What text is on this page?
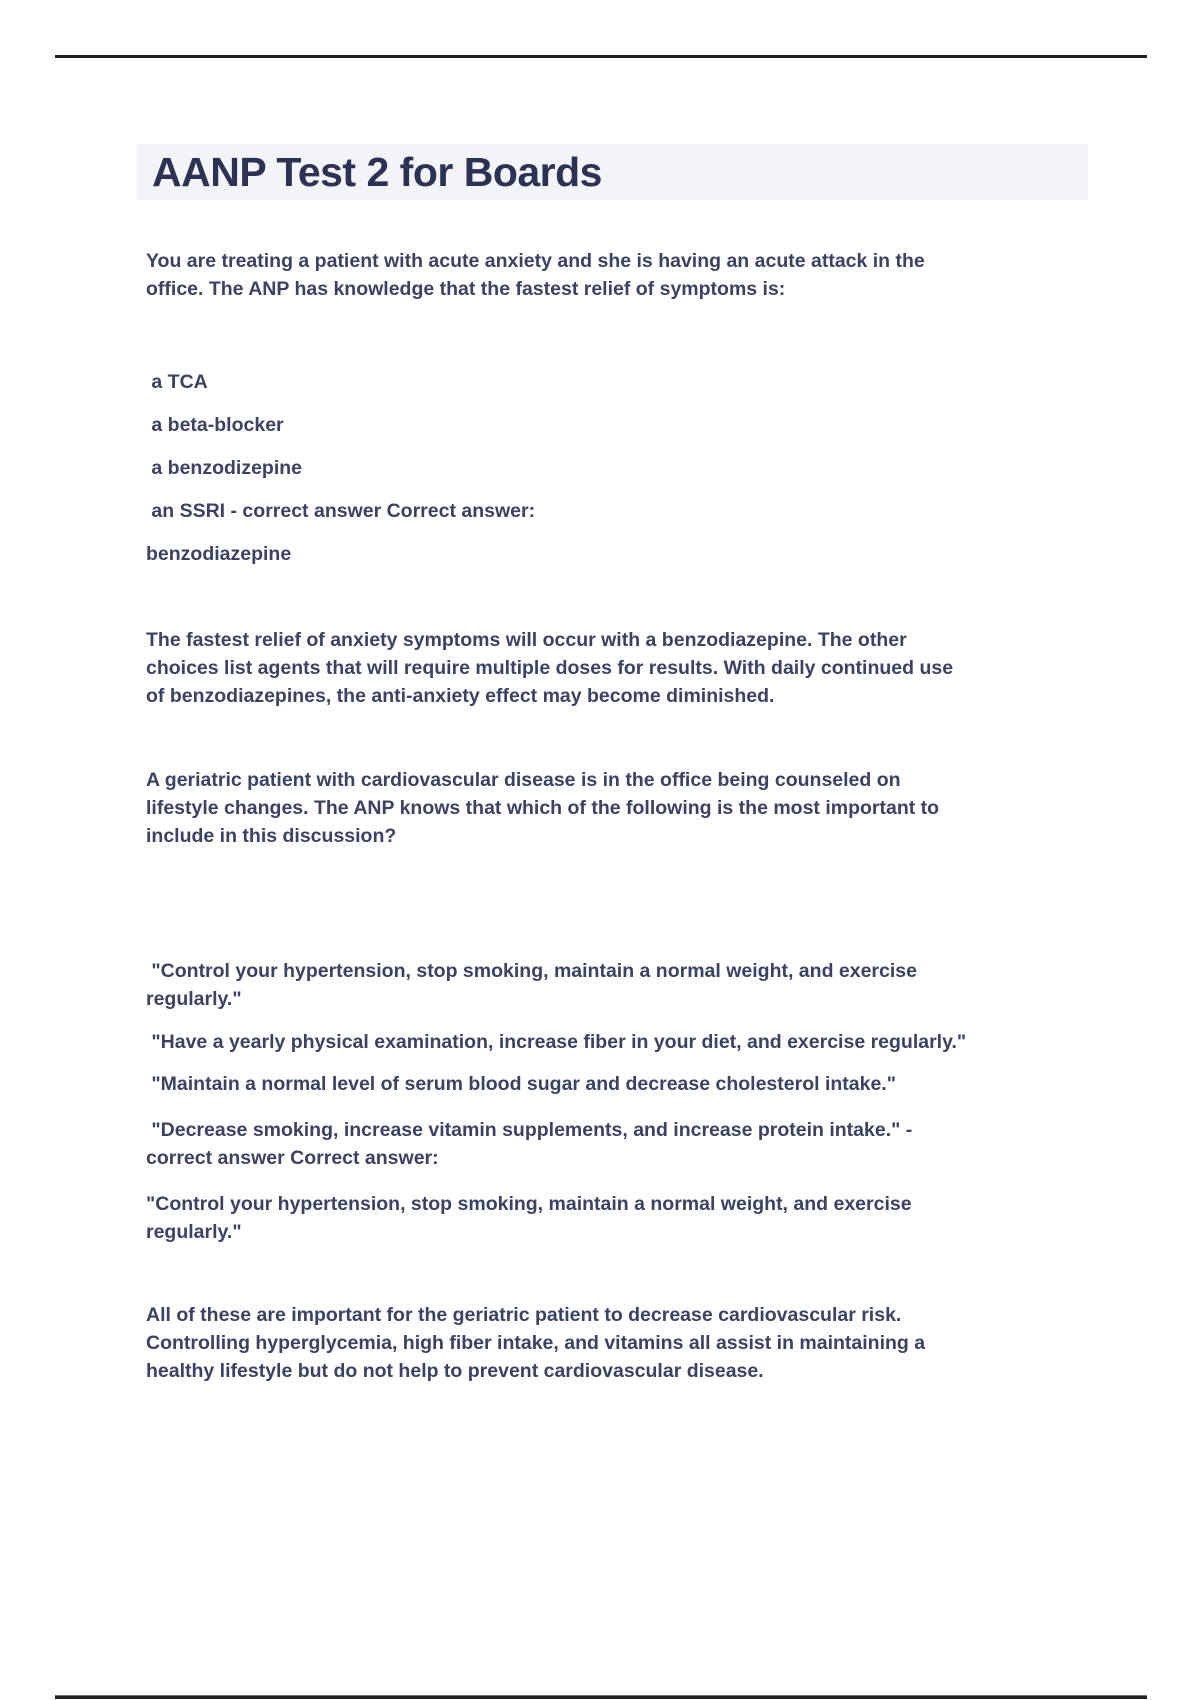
AANP Test 2 for Boards
You are treating a patient with acute anxiety and she is having an acute attack in the
office. The ANP has knowledge that the fastest relief of symptoms is:
a TCA
a beta-blocker
a benzodizepine
an SSRI - correct answer Correct answer:
benzodiazepine
The fastest relief of anxiety symptoms will occur with a benzodiazepine. The other
choices list agents that will require multiple doses for results. With daily continued use
of benzodiazepines, the anti-anxiety effect may become diminished.
A geriatric patient with cardiovascular disease is in the office being counseled on
lifestyle changes. The ANP knows that which of the following is the most important to
include in this discussion?
"Control your hypertension, stop smoking, maintain a normal weight, and exercise
regularly."
"Have a yearly physical examination, increase fiber in your diet, and exercise regularly."
"Maintain a normal level of serum blood sugar and decrease cholesterol intake."
"Decrease smoking, increase vitamin supplements, and increase protein intake." -
correct answer Correct answer:
"Control your hypertension, stop smoking, maintain a normal weight, and exercise
regularly."
All of these are important for the geriatric patient to decrease cardiovascular risk.
Controlling hyperglycemia, high fiber intake, and vitamins all assist in maintaining a
healthy lifestyle but do not help to prevent cardiovascular disease.
